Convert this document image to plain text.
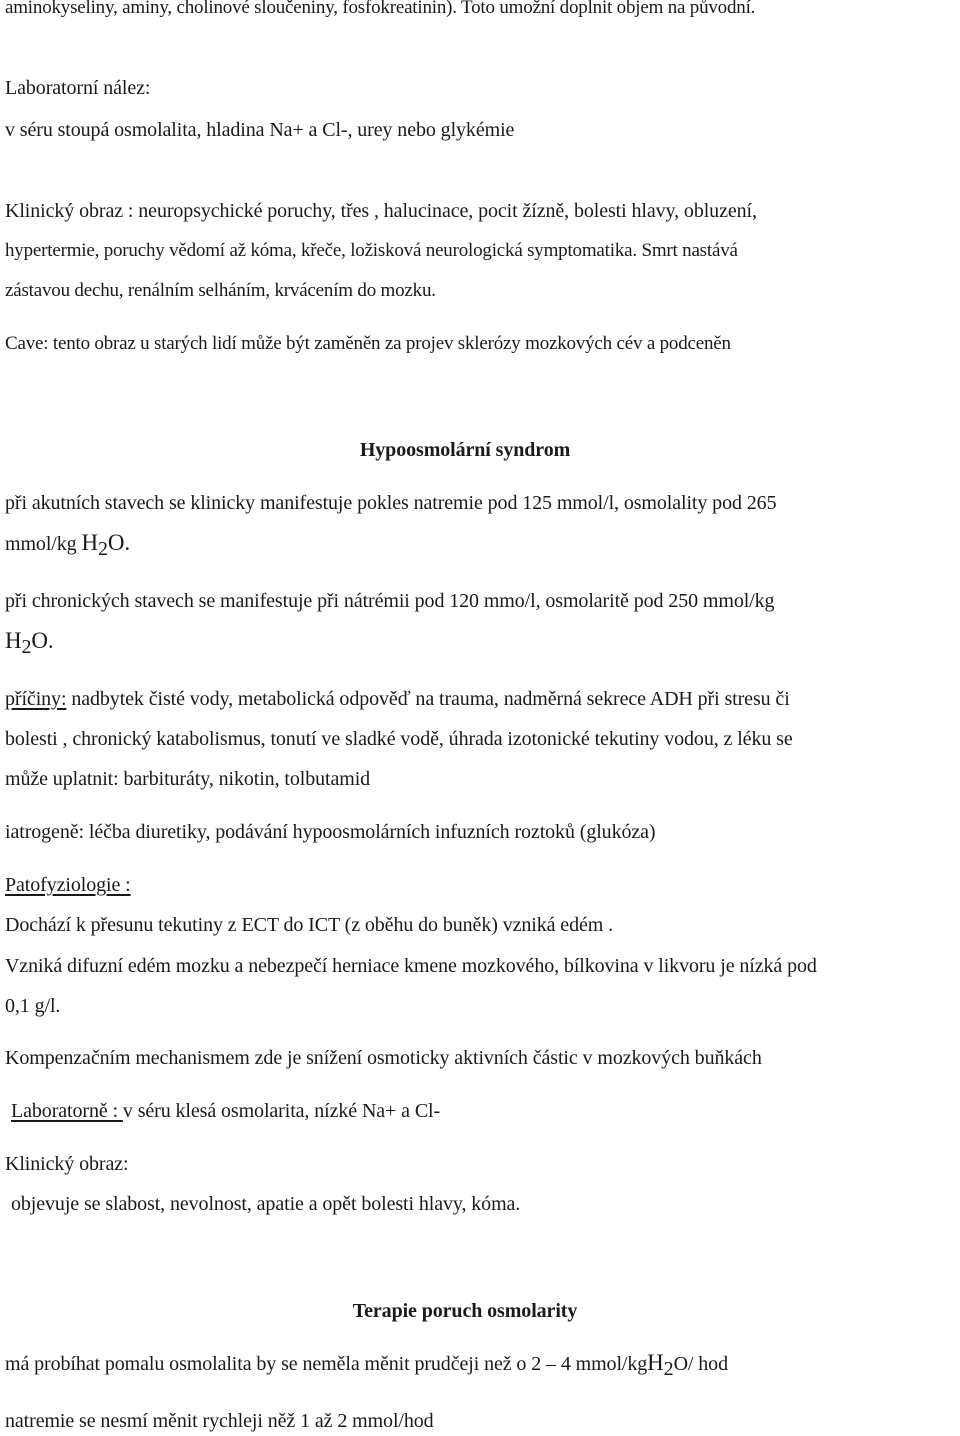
aminokyseliny, aminy, cholinové sloučeniny, fosfokreatinin). Toto umožní doplnit objem na původní.

Laboratorní nález:

v séru stoupá osmolalita, hladina Na+ a Cl-, urey nebo glykémie

Klinický obraz : neuropsychické poruchy, třes , halucinace, pocit žízně, bolesti hlavy, obluzení,

hypertermie, poruchy vědomí až kóma, křeče, ložisková neurologická symptomatika. Smrt nastává

zástavou dechu, renálním selháním, krvácením do mozku.

Cave: tento obraz u starých lidí může být zaměněn za projev sklerózy mozkových cév a podceněn

Hypoosmolární syndrom

při akutních stavech se klinicky manifestuje pokles natremie pod 125 mmol/l, osmolality pod 265

mmol/kg $H_2O$.

při chronických stavech se manifestuje při nátrémii pod 120 mmo/l, osmolaritě pod 250 mmol/kg

$H_2O$.

příčiny: nadbytek čisté vody, metabolická odpověď na trauma, nadměrná sekrece ADH při stresu či

bolesti , chronický katabolismus, tonutí ve sladké vodě, úhrada izotonické tekutiny vodou, z léku se

může uplatnit: barbituráty, nikotin, tolbutamid

iatrogeně: léčba diuretiky, podávání hypoosmolárních infuzních roztoků (glukóza)

Patofyziologie :

Dochází k přesunu tekutiny z ECT do ICT (z oběhu do buněk) vzniká edém .

Vzniká difuzní edém mozku a nebezpečí herniace kmene mozkového, bílkovina v likvoru je nízká pod

0,1 g/l.

Kompenzačním mechanismem zde je snížení osmoticky aktivních částic v mozkových buňkách

Laboratorně : v séru klesá osmolarita, nízké Na+ a Cl-

Klinický obraz:

objevuje se slabost, nevolnost, apatie a opět bolesti hlavy, kóma.

Terapie poruch osmolarity

má probíhat pomalu osmolalita by se neměla měnit prudčeji než o 2 – 4 mmol/kgH$_2$O/ hod

natremie se nesmí měnit rychleji něž 1 až 2 mmol/hod
